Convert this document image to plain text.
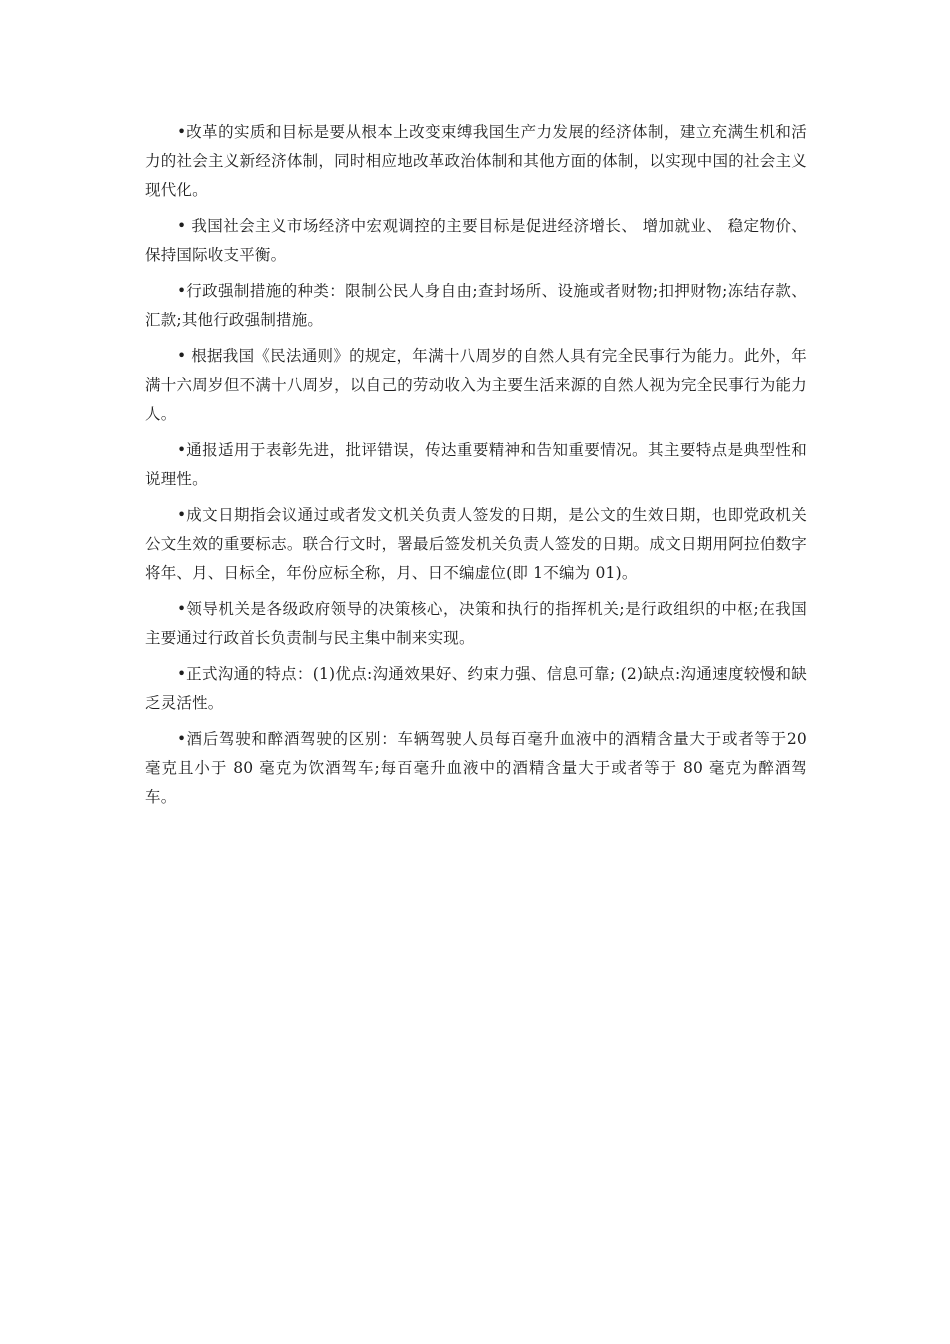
•改革的实质和目标是要从根本上改变束缚我国生产力发展的经济体制，建立充满生机和活力的社会主义新经济体制，同时相应地改革政治体制和其他方面的体制，以实现中国的社会主义现代化。

• 我国社会主义市场经济中宏观调控的主要目标是促进经济增长、 增加就业、 稳定物价、保持国际收支平衡。

•行政强制措施的种类：限制公民人身自由;查封场所、设施或者财物;扣押财物;冻结存款、汇款;其他行政强制措施。

• 根据我国《民法通则》的规定，年满十八周岁的自然人具有完全民事行为能力。此外，年满十六周岁但不满十八周岁，以自己的劳动收入为主要生活来源的自然人视为完全民事行为能力人。

•通报适用于表彰先进，批评错误，传达重要精神和告知重要情况。其主要特点是典型性和说理性。

•成文日期指会议通过或者发文机关负责人签发的日期，是公文的生效日期，也即党政机关公文生效的重要标志。联合行文时，署最后签发机关负责人签发的日期。成文日期用阿拉伯数字将年、月、日标全，年份应标全称，月、日不编虚位(即 1不编为 01)。

•领导机关是各级政府领导的决策核心，决策和执行的指挥机关;是行政组织的中枢;在我国主要通过行政首长负责制与民主集中制来实现。

•正式沟通的特点：(1)优点:沟通效果好、约束力强、信息可靠; (2)缺点:沟通速度较慢和缺乏灵活性。

•酒后驾驶和醉酒驾驶的区别：车辆驾驶人员每百毫升血液中的酒精含量大于或者等于20 毫克且小于 80 毫克为饮酒驾车;每百毫升血液中的酒精含量大于或者等于 80 毫克为醉酒驾车。
